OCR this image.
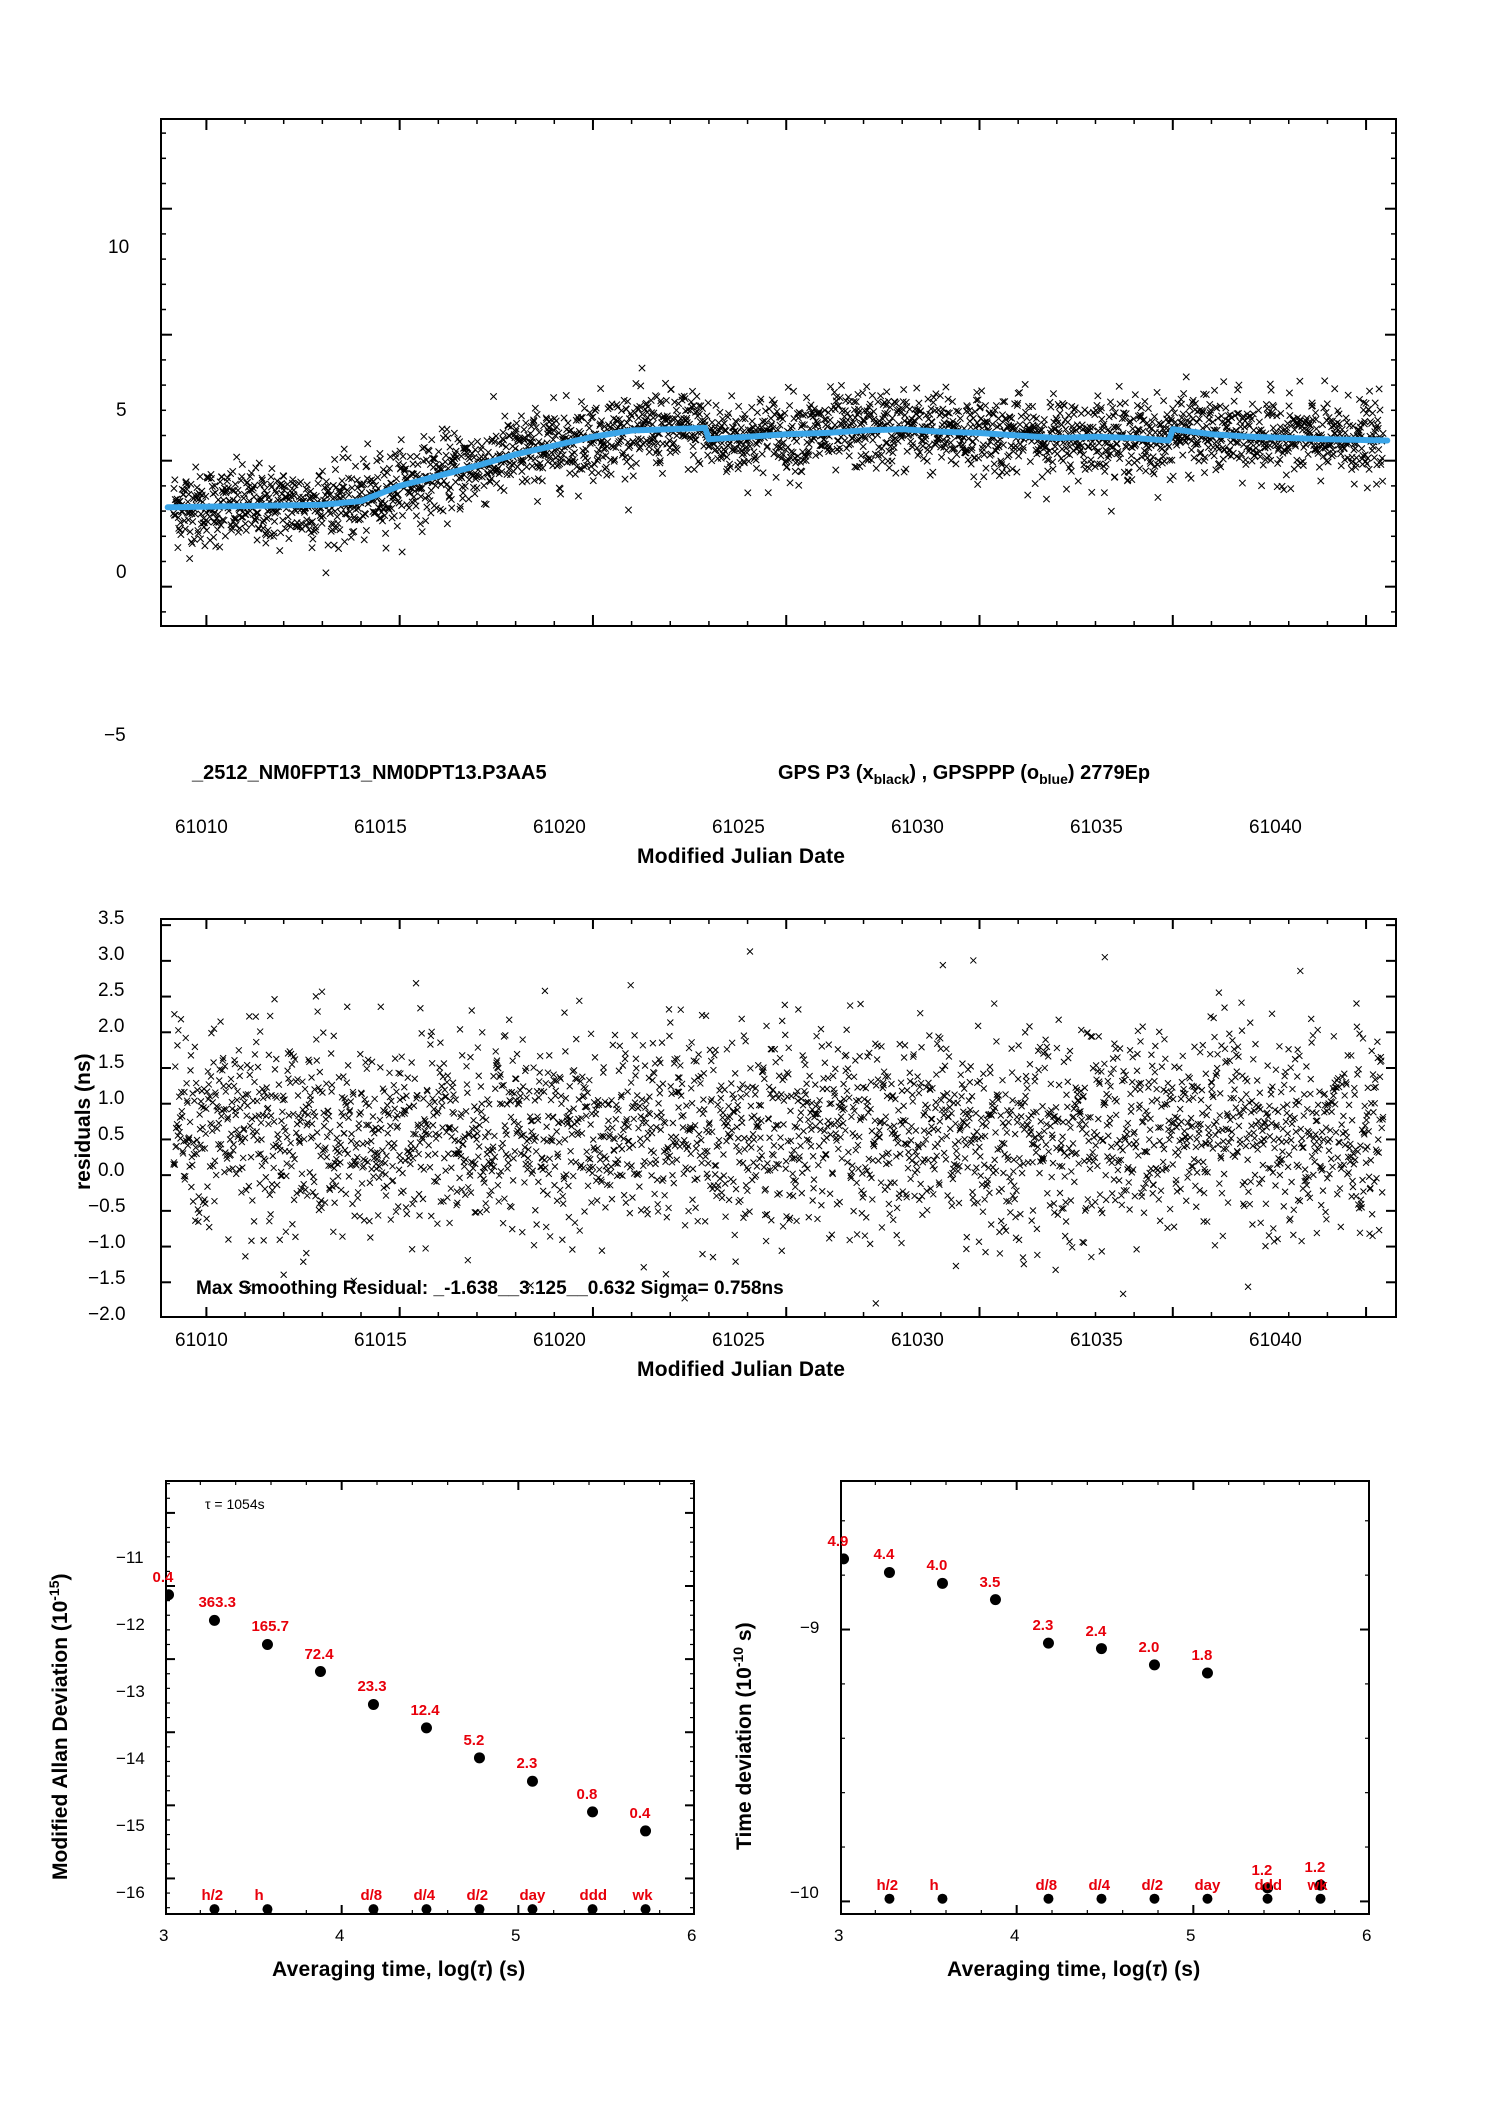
10
5
0
−5
61010	61015	61020	61025	61030	61035	61040
Modified Julian Date
_2512_NM0FPT13_NM0DPT13.P3AA5	GPS P3 $(x_{black})$ , GPSPPP $(o_{blue})$ 2779Ep
residuals (ns)
3.5
3.0
2.5
2.0
1.5
1.0
0.5
0.0
−0.5
−1.0
−1.5
−2.0
61010	61015	61020	61025	61030	61035	61040
Modified Julian Date
Max Smoothing Residual: _-1.638__3.125__0.632 Sigma= 0.758ns
Modified Allan Deviation $(10^{-15})$
−11
−12
−13
−14
−15
−16
3	4	5	6
Averaging time, log(τ) (s)
τ = 1054s
Time deviation ($10^{-10}$ s)	−9
−10
3	4	5	6
Averaging time, log(τ) (s)
0.4
363.3
165.7
72.4
23.3
12.4
5.2
2.3
0.8
0.4
h/2 h	d/8 d/4 d/2 day ddd wk
4.9
4.4
4.0
3.5
2.3 2.4
2.0 1.8
1.2 1.2
h/2 h	d/8 d/4 d/2 day ddd wk
